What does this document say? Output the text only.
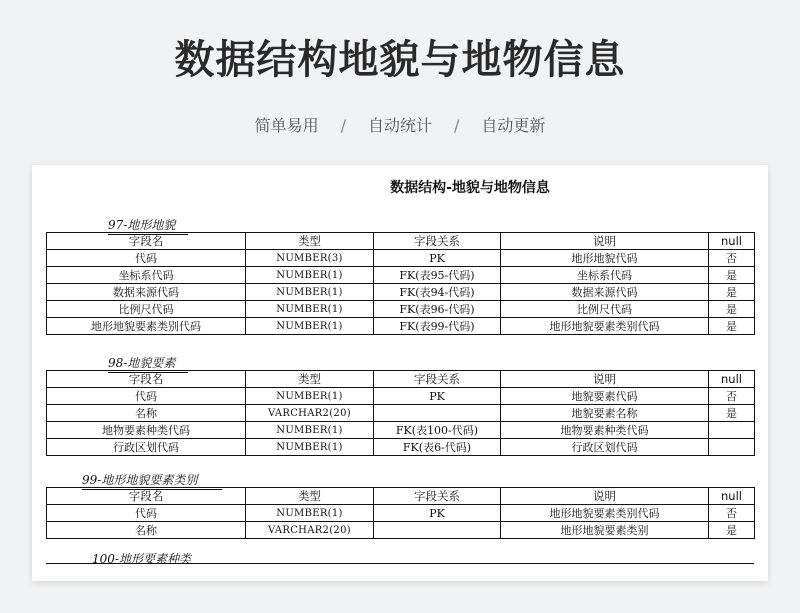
数据结构地貌与地物信息
简单易用 / 自动统计 / 自动更新
数据结构-地貌与地物信息
97-地形地貌
字段名	类型	字段关系	说明	null
代码	NUMBER(3)	PK	地形地貌代码	否
坐标系代码	NUMBER(1)	FK(表95-代码)	坐标系代码	是
数据来源代码	NUMBER(1)	FK(表94-代码)	数据来源代码	是
比例尺代码	NUMBER(1)	FK(表96-代码)	比例尺代码	是
地形地貌要素类别代码	NUMBER(1)	FK(表99-代码)	地形地貌要素类别代码	是
98-地貌要素
字段名	类型	字段关系	说明	null
代码	NUMBER(1)	PK	地貌要素代码	否
名称	VARCHAR2(20)		地貌要素名称	是
地物要素种类代码	NUMBER(1)	FK(表100-代码)	地物要素种类代码	
行政区划代码	NUMBER(1)	FK(表6-代码)	行政区划代码	
99-地形地貌要素类别
字段名	类型	字段关系	说明	null
代码	NUMBER(1)	PK	地形地貌要素类别代码	否
名称	VARCHAR2(20)		地形地貌要素类别	是
100-地形要素种类
